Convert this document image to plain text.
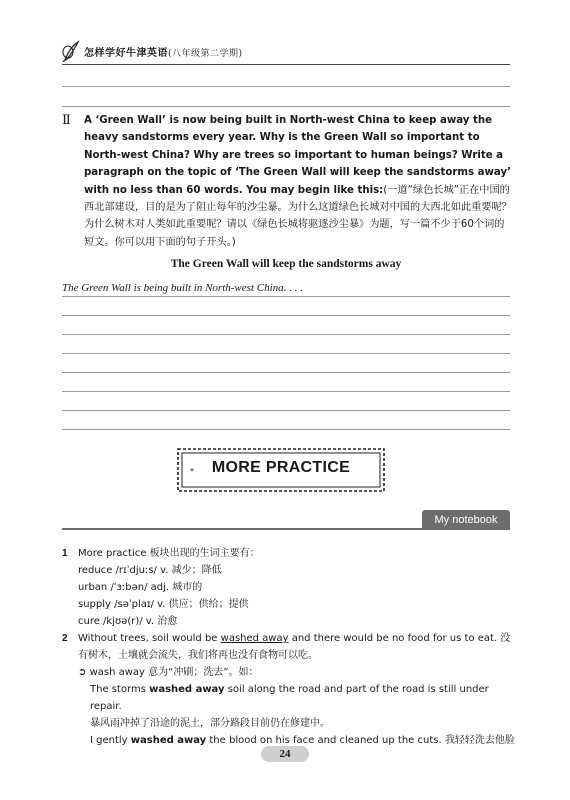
怎样学好牛津英语(八年级第二学期)
Ⅱ A ‘Green Wall’ is now being built in North-west China to keep away the heavy sandstorms every year. Why is the Green Wall so important to North-west China? Why are trees so important to human beings? Write a paragraph on the topic of ‘The Green Wall will keep the sandstorms away’ with no less than 60 words. You may begin like this:(一道“绿色长城”正在中国的西北部建设，目的是为了阻止每年的沙尘暴。为什么这道绿色长城对中国的大西北如此重要呢？为什么树木对人类如此重要呢？请以《绿色长城将驱逐沙尘暴》为题，写一篇不少于60个词的短文。你可以用下面的句子开头。)
The Green Wall will keep the sandstorms away
The Green Wall is being built in North-west China. . . .
*	MORE PRACTICE
My notebook
1 More practice 板块出现的生词主要有：
reduce /rɪˈdjuːs/ v. 减少；降低
urban /ˈɜːbən/ adj. 城市的
supply /səˈplaɪ/ v. 供应；供给；提供
cure /kjʊə(r)/ v. 治愈
2 Without trees, soil would be washed away and there would be no food for us to eat. 没有树木，土壤就会流失，我们将再也没有食物可以吃。
➲ wash away 意为“冲刷；洗去”。如：
The storms washed away soil along the road and part of the road is still under repair.
暴风雨冲掉了沿途的泥土，部分路段目前仍在修建中。
I gently washed away the blood on his face and cleaned up the cuts. 我轻轻洗去他脸
24
